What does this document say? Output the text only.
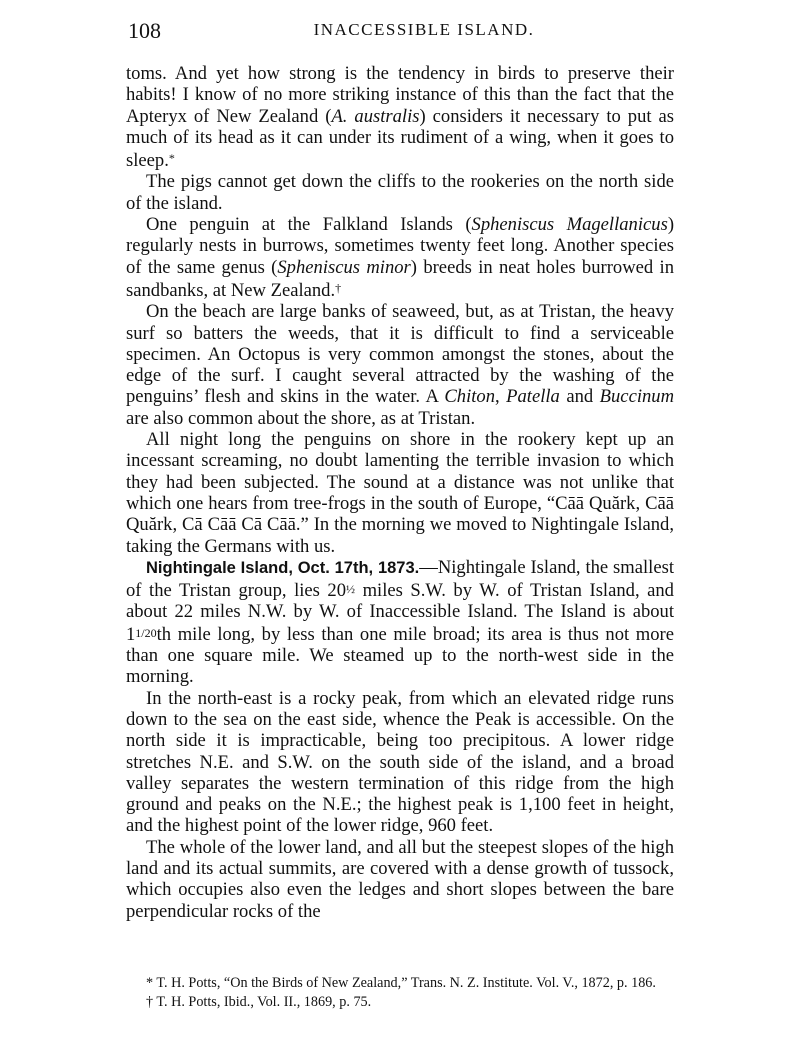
108	INACCESSIBLE ISLAND.

toms. And yet how strong is the tendency in birds to preserve their habits! I know of no more striking instance of this than the fact that the Apteryx of New Zealand (A. australis) considers it necessary to put as much of its head as it can under its rudiment of a wing, when it goes to sleep.*

The pigs cannot get down the cliffs to the rookeries on the north side of the island.

One penguin at the Falkland Islands (Spheniscus Magellanicus) regularly nests in burrows, sometimes twenty feet long. Another species of the same genus (Spheniscus minor) breeds in neat holes burrowed in sandbanks, at New Zealand.†

On the beach are large banks of seaweed, but, as at Tristan, the heavy surf so batters the weeds, that it is difficult to find a serviceable specimen. An Octopus is very common amongst the stones, about the edge of the surf. I caught several attracted by the washing of the penguins’ flesh and skins in the water. A Chiton, Patella and Buccinum are also common about the shore, as at Tristan.

All night long the penguins on shore in the rookery kept up an incessant screaming, no doubt lamenting the terrible invasion to which they had been subjected. The sound at a distance was not unlike that which one hears from tree-frogs in the south of Europe, “Cāā Quărk, Cāā Quărk, Cā Cāā Cā Cāā.” In the morning we moved to Nightingale Island, taking the Germans with us.

Nightingale Island, Oct. 17th, 1873.—Nightingale Island, the smallest of the Tristan group, lies 20½ miles S.W. by W. of Tristan Island, and about 22 miles N.W. by W. of Inaccessible Island. The Island is about 11/20th mile long, by less than one mile broad; its area is thus not more than one square mile. We steamed up to the north-west side in the morning.

In the north-east is a rocky peak, from which an elevated ridge runs down to the sea on the east side, whence the Peak is accessible. On the north side it is impracticable, being too precipitous. A lower ridge stretches N.E. and S.W. on the south side of the island, and a broad valley separates the western termination of this ridge from the high ground and peaks on the N.E.; the highest peak is 1,100 feet in height, and the highest point of the lower ridge, 960 feet.

The whole of the lower land, and all but the steepest slopes of the high land and its actual summits, are covered with a dense growth of tussock, which occupies also even the ledges and short slopes between the bare perpendicular rocks of the

* T. H. Potts, “On the Birds of New Zealand,” Trans. N. Z. Institute. Vol. V., 1872, p. 186.

† T. H. Potts, Ibid., Vol. II., 1869, p. 75.
